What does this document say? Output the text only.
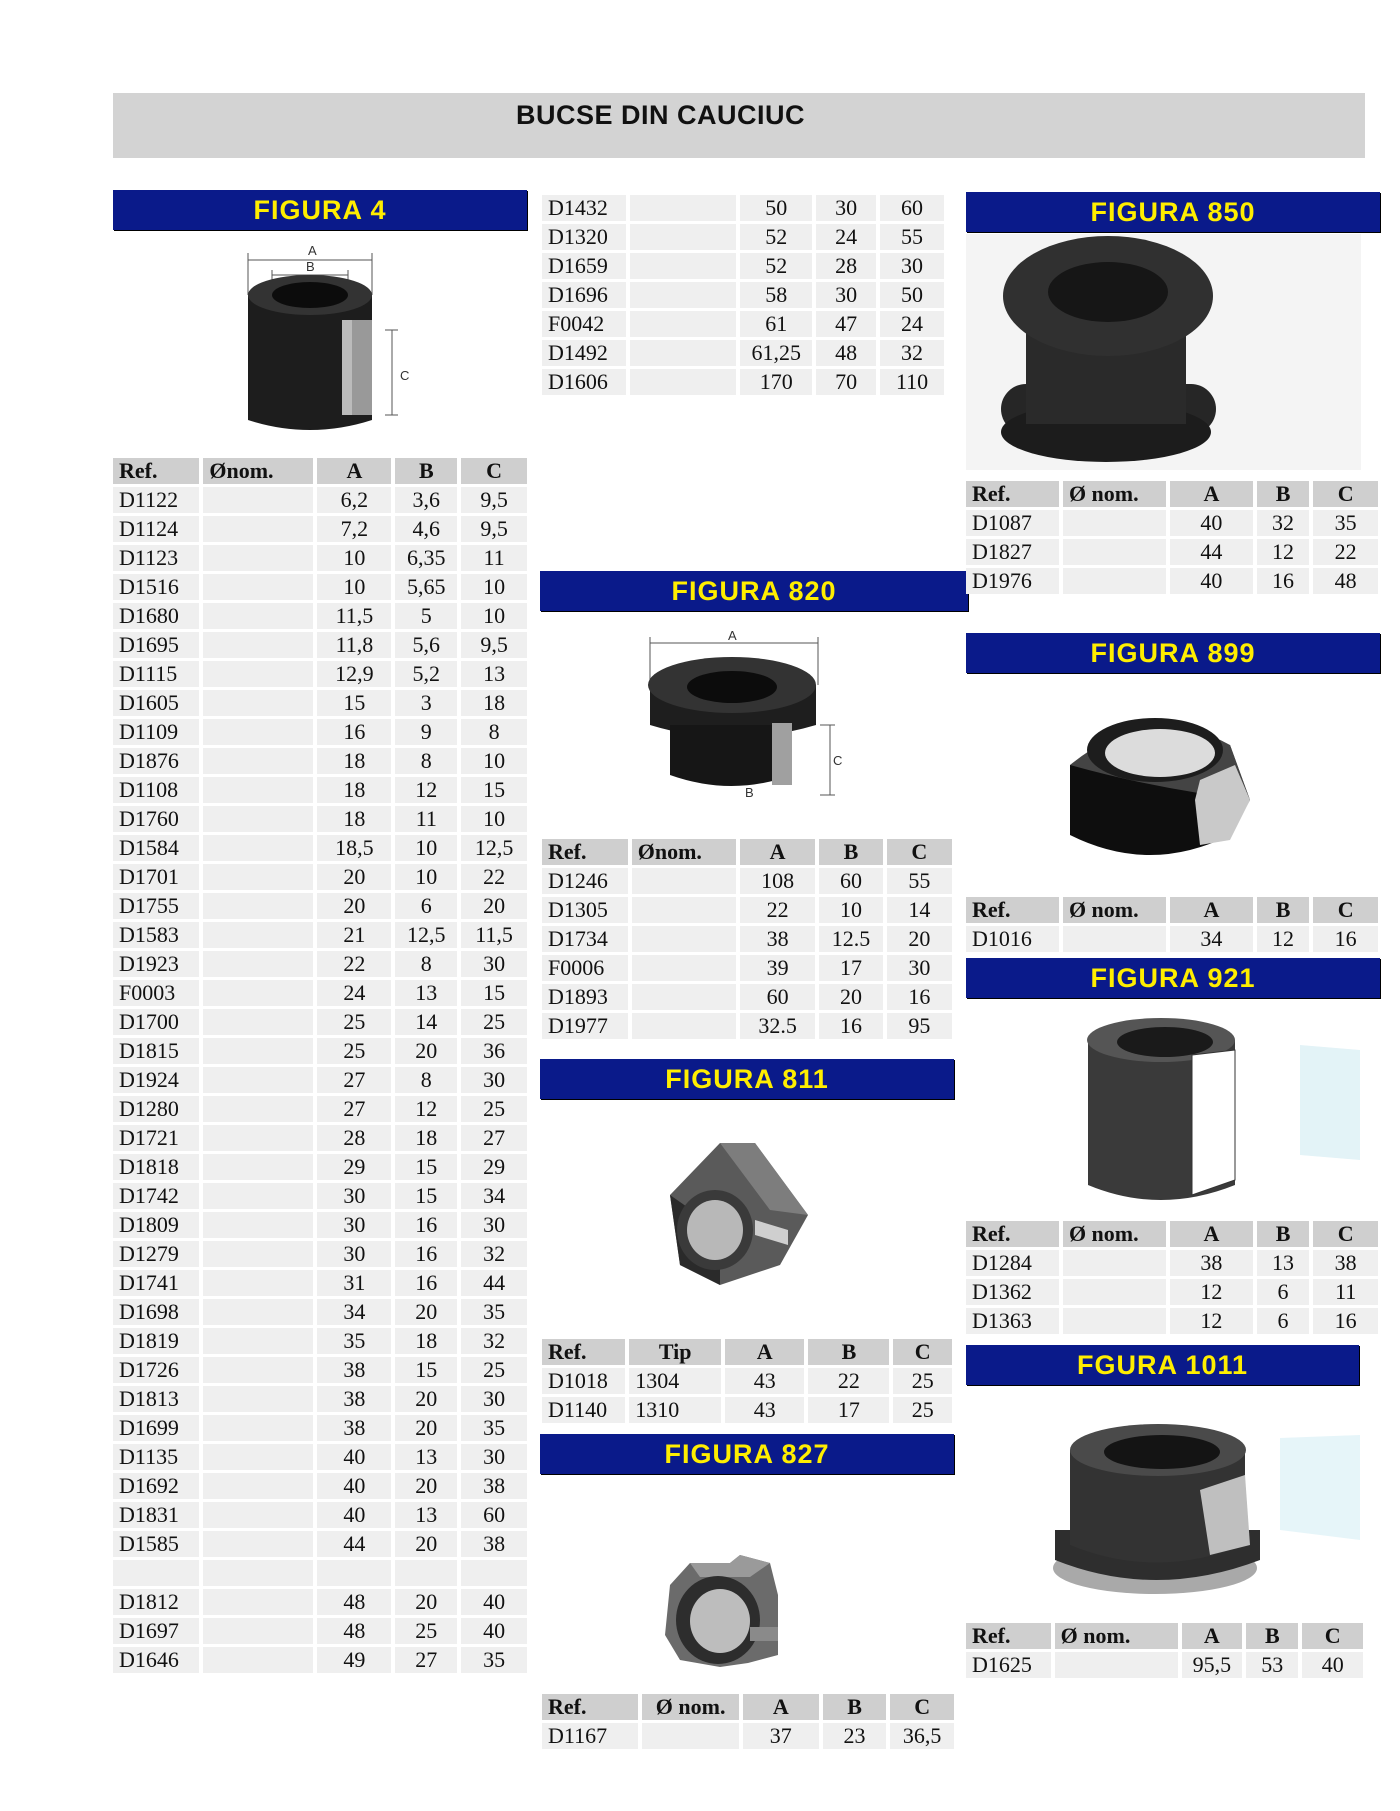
BUCSE DIN CAUCIUC
FIGURA 4
A
B
C
Ref.	Ønom.	A	B	C
D1122		6,2	3,6	9,5
D1124		7,2	4,6	9,5
D1123		10	6,35	11
D1516		10	5,65	10
D1680		11,5	5	10
D1695		11,8	5,6	9,5
D1115		12,9	5,2	13
D1605		15	3	18
D1109		16	9	8
D1876		18	8	10
D1108		18	12	15
D1760		18	11	10
D1584		18,5	10	12,5
D1701		20	10	22
D1755		20	6	20
D1583		21	12,5	11,5
D1923		22	8	30
F0003		24	13	15
D1700		25	14	25
D1815		25	20	36
D1924		27	8	30
D1280		27	12	25
D1721		28	18	27
D1818		29	15	29
D1742		30	15	34
D1809		30	16	30
D1279		30	16	32
D1741		31	16	44
D1698		34	20	35
D1819		35	18	32
D1726		38	15	25
D1813		38	20	30
D1699		38	20	35
D1135		40	13	30
D1692		40	20	38
D1831		40	13	60
D1585		44	20	38

D1812		48	20	40
D1697		48	25	40
D1646		49	27	35
D1432		50	30	60
D1320		52	24	55
D1659		52	28	30
D1696		58	30	50
F0042		61	47	24
D1492		61,25	48	32
D1606		170	70	110
FIGURA 820
A
C
B
Ref.	Ønom.	A	B	C
D1246		108	60	55
D1305		22	10	14
D1734		38	12.5	20
F0006		39	17	30
D1893		60	20	16
D1977		32.5	16	95
FIGURA 811
Ref.	Tip	A	B	C
D1018	1304	43	22	25
D1140	1310	43	17	25
FIGURA 827
Ref.	Ø nom.	A	B	C
D1167		37	23	36,5
FIGURA 850
Ref.	Ø nom.	A	B	C
D1087		40	32	35
D1827		44	12	22
D1976		40	16	48
FIGURA 899
Ref.	Ø nom.	A	B	C
D1016		34	12	16
FIGURA 921
Ref.	Ø nom.	A	B	C
D1284		38	13	38
D1362		12	6	11
D1363		12	6	16
FGURA 1011
Ref.	Ø nom.	A	B	C
D1625		95,5	53	40
